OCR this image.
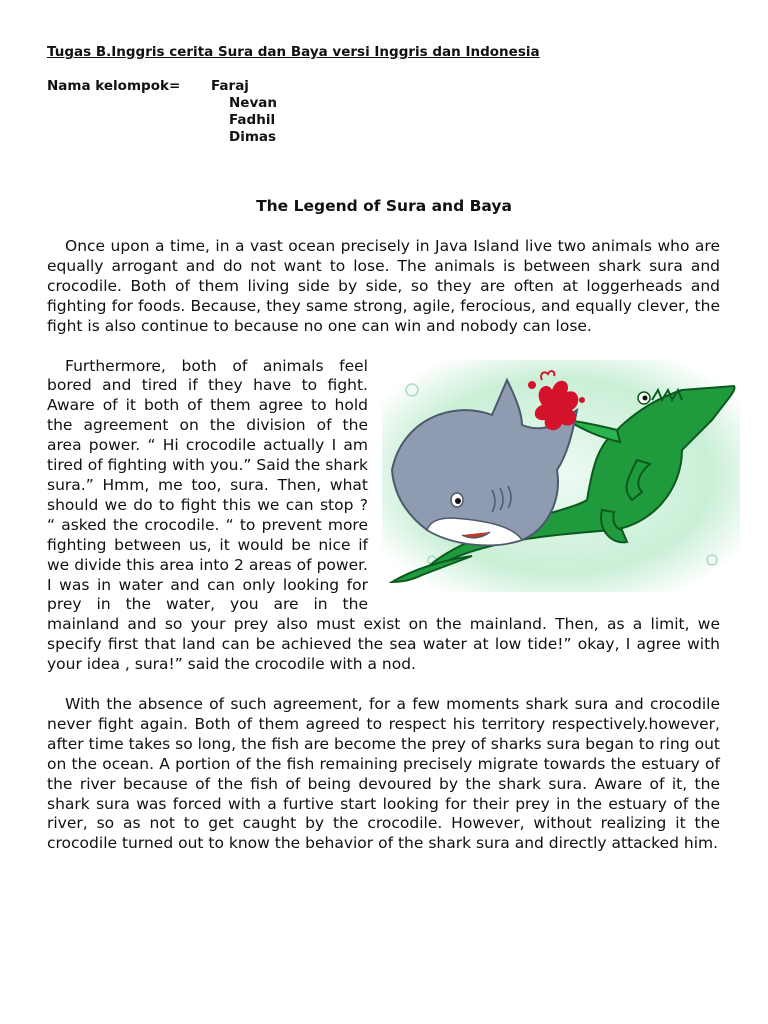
Tugas B.Inggris cerita Sura dan Baya versi Inggris dan Indonesia
Nama kelompok=	Faraj
Nevan
Fadhil
Dimas
The Legend of Sura and Baya

Once upon a time, in a vast ocean precisely in Java Island live two animals who are equally arrogant and do not want to lose. The animals is between shark sura and crocodile. Both of them living side by side, so they are often at loggerheads and fighting for foods. Because, they same strong, agile, ferocious, and equally clever, the fight is also continue to because no one can win and nobody can lose.

Furthermore, both of animals feel bored and tired if they have to fight. Aware of it both of them agree to hold the agreement on the division of the area power. “ Hi crocodile actually I am tired of fighting with you.” Said the shark sura.” Hmm, me too, sura. Then, what should we do to fight this we can stop ? “ asked the crocodile. “ to prevent more fighting between us, it would be nice if we divide this area into 2 areas of power. I was in water and can only looking for prey in the water, you are in the mainland and so your prey also must exist on the mainland. Then, as a limit, we specify first that land can be achieved the sea water at low tide!” okay, I agree with your idea , sura!” said the crocodile with a nod.

With the absence of such agreement, for a few moments shark sura and crocodile never fight again. Both of them agreed to respect his territory respectively.however, after time takes so long, the fish are become the prey of sharks sura began to ring out on the ocean. A portion of the fish remaining precisely migrate towards the estuary of the river because of the fish of being devoured by the shark sura. Aware of it, the shark sura was forced with a furtive start looking for their prey in the estuary of the river, so as not to get caught by the crocodile. However, without realizing it the crocodile turned out to know the behavior of the shark sura and directly attacked him.
